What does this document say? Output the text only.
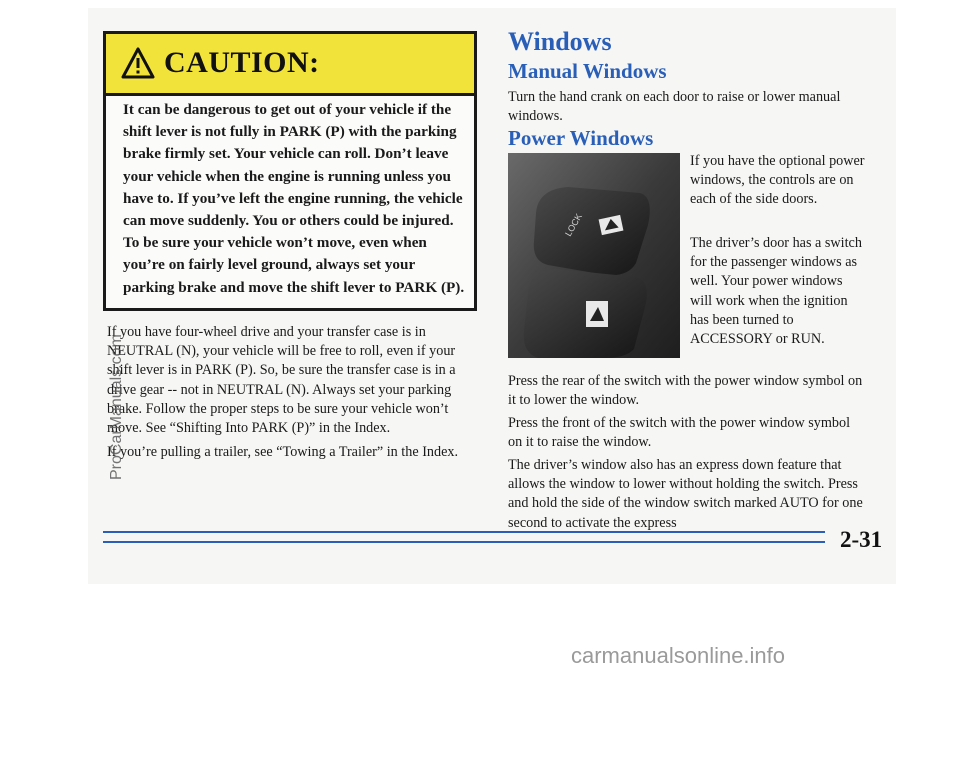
CAUTION:

It can be dangerous to get out of your vehicle if the shift lever is not fully in PARK (P) with the parking brake firmly set. Your vehicle can roll. Don’t leave your vehicle when the engine is running unless you have to. If you’ve left the engine running, the vehicle can move suddenly. You or others could be injured. To be sure your vehicle won’t move, even when you’re on fairly level ground, always set your parking brake and move the shift lever to PARK (P).

If you have four-wheel drive and your transfer case is in NEUTRAL (N), your vehicle will be free to roll, even if your shift lever is in PARK (P). So, be sure the transfer case is in a drive gear -- not in NEUTRAL (N). Always set your parking brake. Follow the proper steps to be sure your vehicle won’t move. See “Shifting Into PARK (P)” in the Index.

If you’re pulling a trailer, see “Towing a Trailer” in the Index.

Windows
Manual Windows

Turn the hand crank on each door to raise or lower manual windows.

Power Windows
LOCK

If you have the optional power windows, the controls are on each of the side doors.

The driver’s door has a switch for the passenger windows as well. Your power windows will work when the ignition has been turned to ACCESSORY or RUN.

Press the rear of the switch with the power window symbol on it to lower the window.

Press the front of the switch with the power window symbol on it to raise the window.

The driver’s window also has an express down feature that allows the window to lower without holding the switch. Press and hold the side of the window switch marked AUTO for one second to activate the express

2-31

ProCarManuals.com
carmanualsonline.info
